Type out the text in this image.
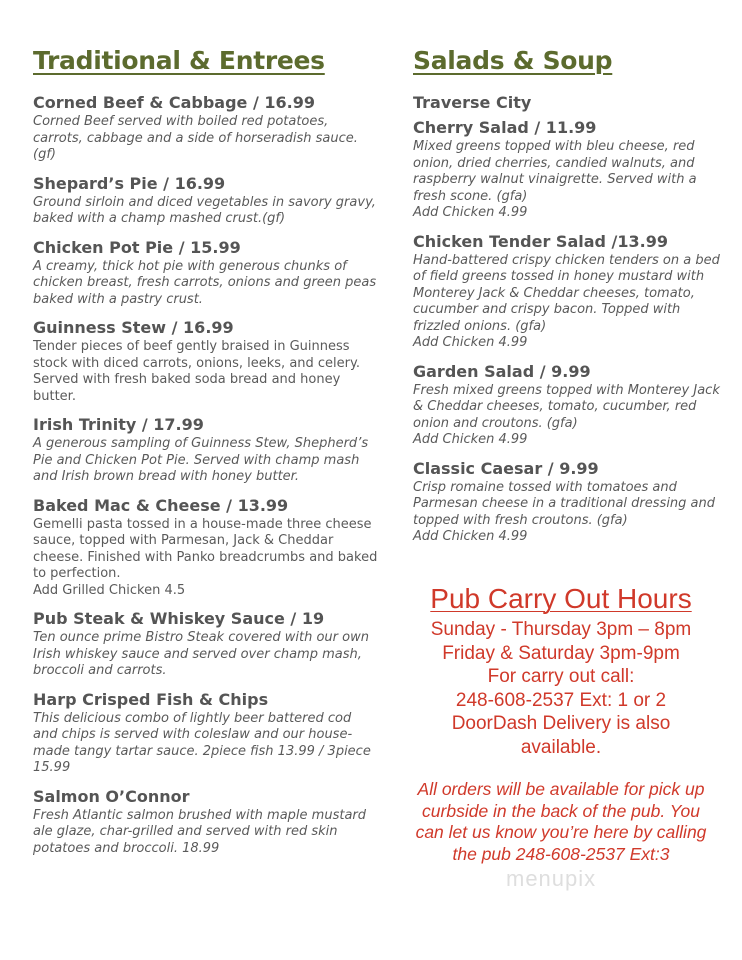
Traditional & Entrees

Corned Beef & Cabbage / 16.99

Corned Beef served with boiled red potatoes, carrots, cabbage and a side of horseradish sauce. (gf)

Shepard’s Pie / 16.99

Ground sirloin and diced vegetables in savory gravy, baked with a champ mashed crust.(gf)

Chicken Pot Pie / 15.99

A creamy, thick hot pie with generous chunks of chicken breast, fresh carrots, onions and green peas baked with a pastry crust.

Guinness Stew / 16.99

Tender pieces of beef gently braised in Guinness stock with diced carrots, onions, leeks, and celery. Served with fresh baked soda bread and honey butter.

Irish Trinity / 17.99

A generous sampling of Guinness Stew, Shepherd’s Pie and Chicken Pot Pie. Served with champ mash and Irish brown bread with honey butter.

Baked Mac & Cheese / 13.99

Gemelli pasta tossed in a house-made three cheese sauce, topped with Parmesan, Jack & Cheddar cheese. Finished with Panko breadcrumbs and baked to perfection.

Add Grilled Chicken 4.5

Pub Steak & Whiskey Sauce / 19

Ten ounce prime Bistro Steak covered with our own Irish whiskey sauce and served over champ mash, broccoli and carrots.

Harp Crisped Fish & Chips

This delicious combo of lightly beer battered cod and chips is served with coleslaw and our house-made tangy tartar sauce. 2piece fish 13.99 / 3piece 15.99

Salmon O’Connor

Fresh Atlantic salmon brushed with maple mustard ale glaze, char-grilled and served with red skin potatoes and broccoli. 18.99

Salads & Soup

Traverse City

Cherry Salad / 11.99

Mixed greens topped with bleu cheese, red onion, dried cherries, candied walnuts, and raspberry walnut vinaigrette. Served with a fresh scone. (gfa)

Add Chicken 4.99

Chicken Tender Salad /13.99

Hand-battered crispy chicken tenders on a bed of field greens tossed in honey mustard with Monterey Jack & Cheddar cheeses, tomato, cucumber and crispy bacon. Topped with frizzled onions. (gfa)

Add Chicken 4.99

Garden Salad / 9.99

Fresh mixed greens topped with Monterey Jack & Cheddar cheeses, tomato, cucumber, red onion and croutons. (gfa)

Add Chicken 4.99

Classic Caesar / 9.99

Crisp romaine tossed with tomatoes and Parmesan cheese in a traditional dressing and topped with fresh croutons. (gfa)

Add Chicken 4.99

Pub Carry Out Hours

Sunday - Thursday 3pm – 8pm

Friday & Saturday 3pm-9pm

For carry out call:

248-608-2537 Ext: 1 or 2

DoorDash Delivery is also

available.

All orders will be available for pick up curbside in the back of the pub. You can let us know you’re here by calling the pub 248-608-2537 Ext:3

menupix
